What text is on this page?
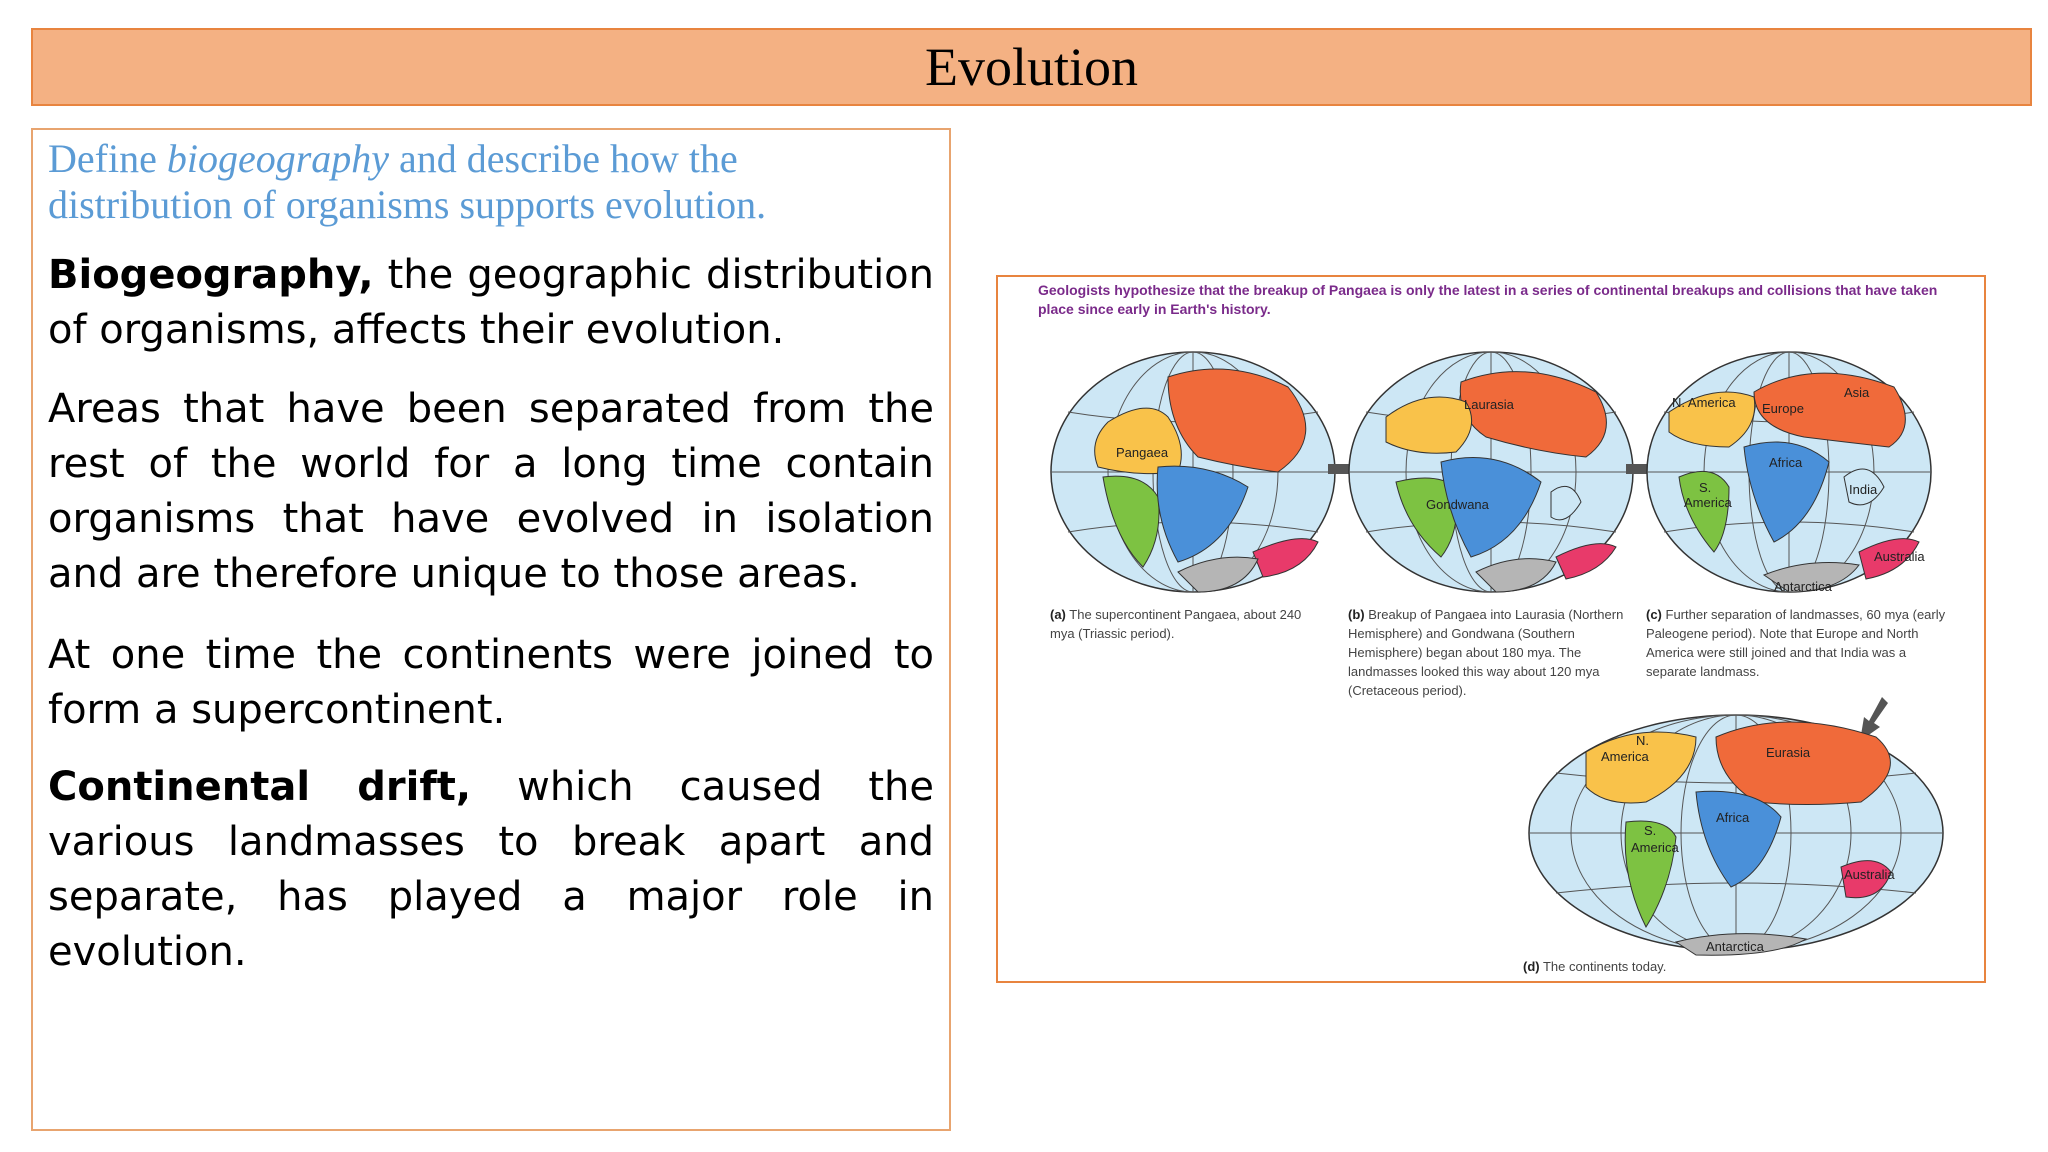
Evolution
Define biogeography and describe how the distribution of organisms supports evolution.

Biogeography, the geographic distribution of organisms, affects their evolution.

Areas that have been separated from the rest of the world for a long time contain organisms that have evolved in isolation and are therefore unique to those areas.

At one time the continents were joined to form a supercontinent.

Continental drift, which caused the various landmasses to break apart and separate, has played a major role in evolution.

Geologists hypothesize that the breakup of Pangaea is only the latest in a series of continental breakups and collisions that have taken place since early in Earth's history.
Pangaea
Laurasia
Gondwana
N. America Europe
Asia
Africa
S.
America
India
Australia
Antarctica
(a) The supercontinent Pangaea, about 240 mya (Triassic period).
(b) Breakup of Pangaea into Laurasia (Northern Hemisphere) and Gondwana (Southern Hemisphere) began about 180 mya. The landmasses looked this way about 120 mya (Cretaceous period).
(c) Further separation of landmasses, 60 mya (early Paleogene period). Note that Europe and North America were still joined and that India was a separate landmass.
N.
America	Eurasia
Africa
S.
America
Australia
Antarctica
(d) The continents today.
